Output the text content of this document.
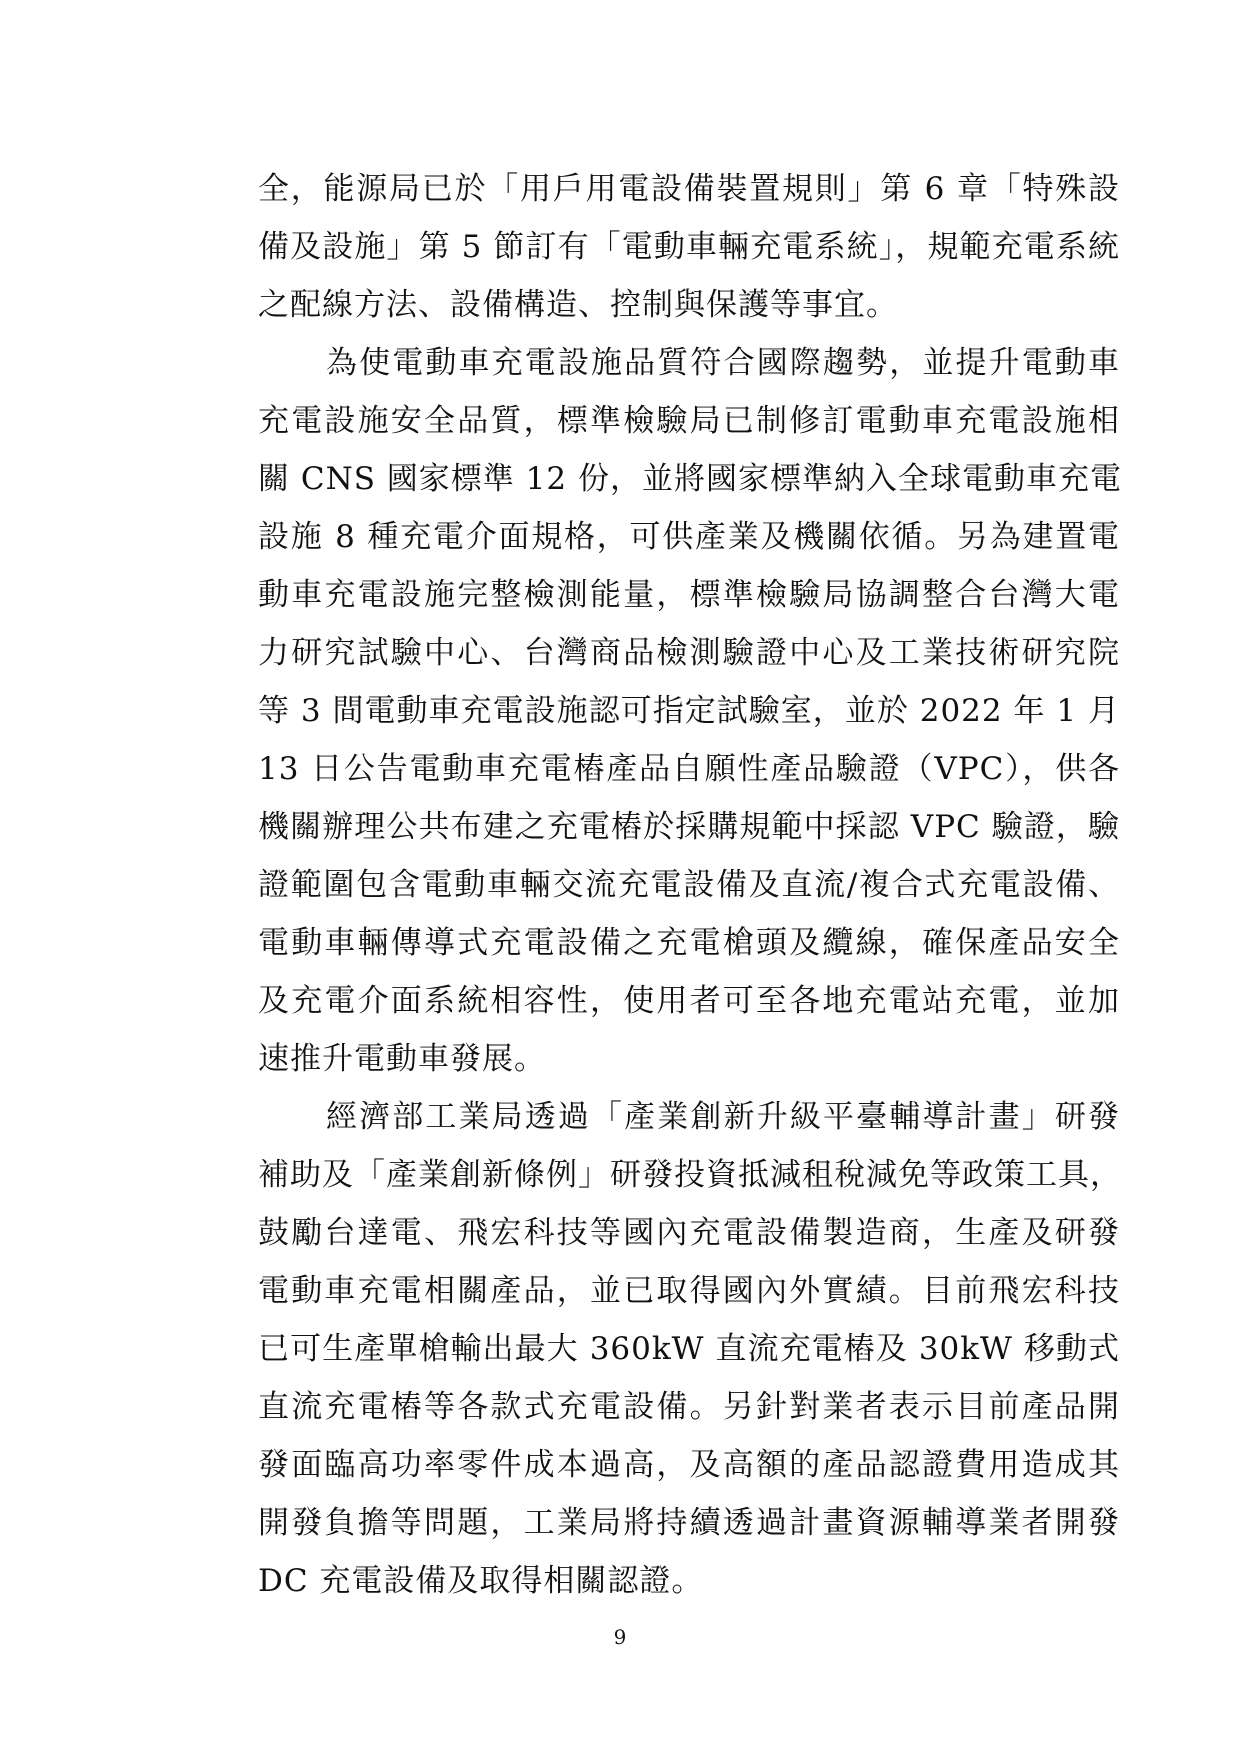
全，能源局已於「用戶用電設備裝置規則」第 6 章「特殊設
備及設施」第 5 節訂有「電動車輛充電系統」，規範充電系統
之配線方法、設備構造、控制與保護等事宜。
為使電動車充電設施品質符合國際趨勢，並提升電動車
充電設施安全品質，標準檢驗局已制修訂電動車充電設施相
關 CNS 國家標準 12 份，並將國家標準納入全球電動車充電
設施 8 種充電介面規格，可供產業及機關依循。另為建置電
動車充電設施完整檢測能量，標準檢驗局協調整合台灣大電
力研究試驗中心、台灣商品檢測驗證中心及工業技術研究院
等 3 間電動車充電設施認可指定試驗室，並於 2022 年 1 月
13 日公告電動車充電樁產品自願性產品驗證（VPC），供各
機關辦理公共布建之充電樁於採購規範中採認 VPC 驗證，驗
證範圍包含電動車輛交流充電設備及直流/複合式充電設備、
電動車輛傳導式充電設備之充電槍頭及纜線，確保產品安全
及充電介面系統相容性，使用者可至各地充電站充電，並加
速推升電動車發展。
經濟部工業局透過「產業創新升級平臺輔導計畫」研發
補助及「產業創新條例」研發投資抵減租稅減免等政策工具，
鼓勵台達電、飛宏科技等國內充電設備製造商，生產及研發
電動車充電相關產品，並已取得國內外實績。目前飛宏科技
已可生產單槍輸出最大 360kW 直流充電樁及 30kW 移動式
直流充電樁等各款式充電設備。另針對業者表示目前產品開
發面臨高功率零件成本過高，及高額的產品認證費用造成其
開發負擔等問題，工業局將持續透過計畫資源輔導業者開發
DC 充電設備及取得相關認證。
9
